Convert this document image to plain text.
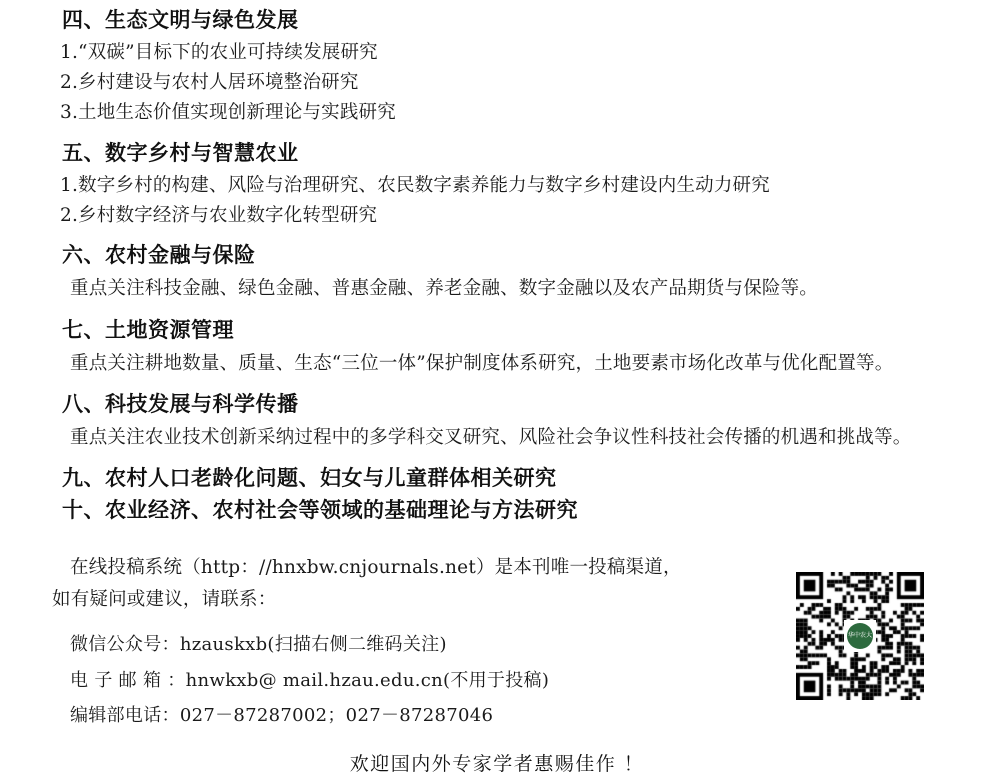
四、生态文明与绿色发展
1.“双碳”目标下的农业可持续发展研究
2.乡村建设与农村人居环境整治研究
3.土地生态价值实现创新理论与实践研究
五、数字乡村与智慧农业
1.数字乡村的构建、风险与治理研究、农民数字素养能力与数字乡村建设内生动力研究
2.乡村数字经济与农业数字化转型研究
六、农村金融与保险
重点关注科技金融、绿色金融、普惠金融、养老金融、数字金融以及农产品期货与保险等。
七、土地资源管理
重点关注耕地数量、质量、生态“三位一体”保护制度体系研究，土地要素市场化改革与优化配置等。
八、科技发展与科学传播
重点关注农业技术创新采纳过程中的多学科交叉研究、风险社会争议性科技社会传播的机遇和挑战等。
九、农村人口老龄化问题、妇女与儿童群体相关研究
十、农业经济、农村社会等领域的基础理论与方法研究
在线投稿系统（http：//hnxbw.cnjournals.net）是本刊唯一投稿渠道，
如有疑问或建议，请联系：
微信公众号：hzauskxb(扫描右侧二维码关注)
电 子 邮 箱 ：hnwkxb@ mail.hzau.edu.cn(不用于投稿)
编辑部电话：027－87287002；027－87287046
欢迎国内外专家学者惠赐佳作 ！
华中农大
